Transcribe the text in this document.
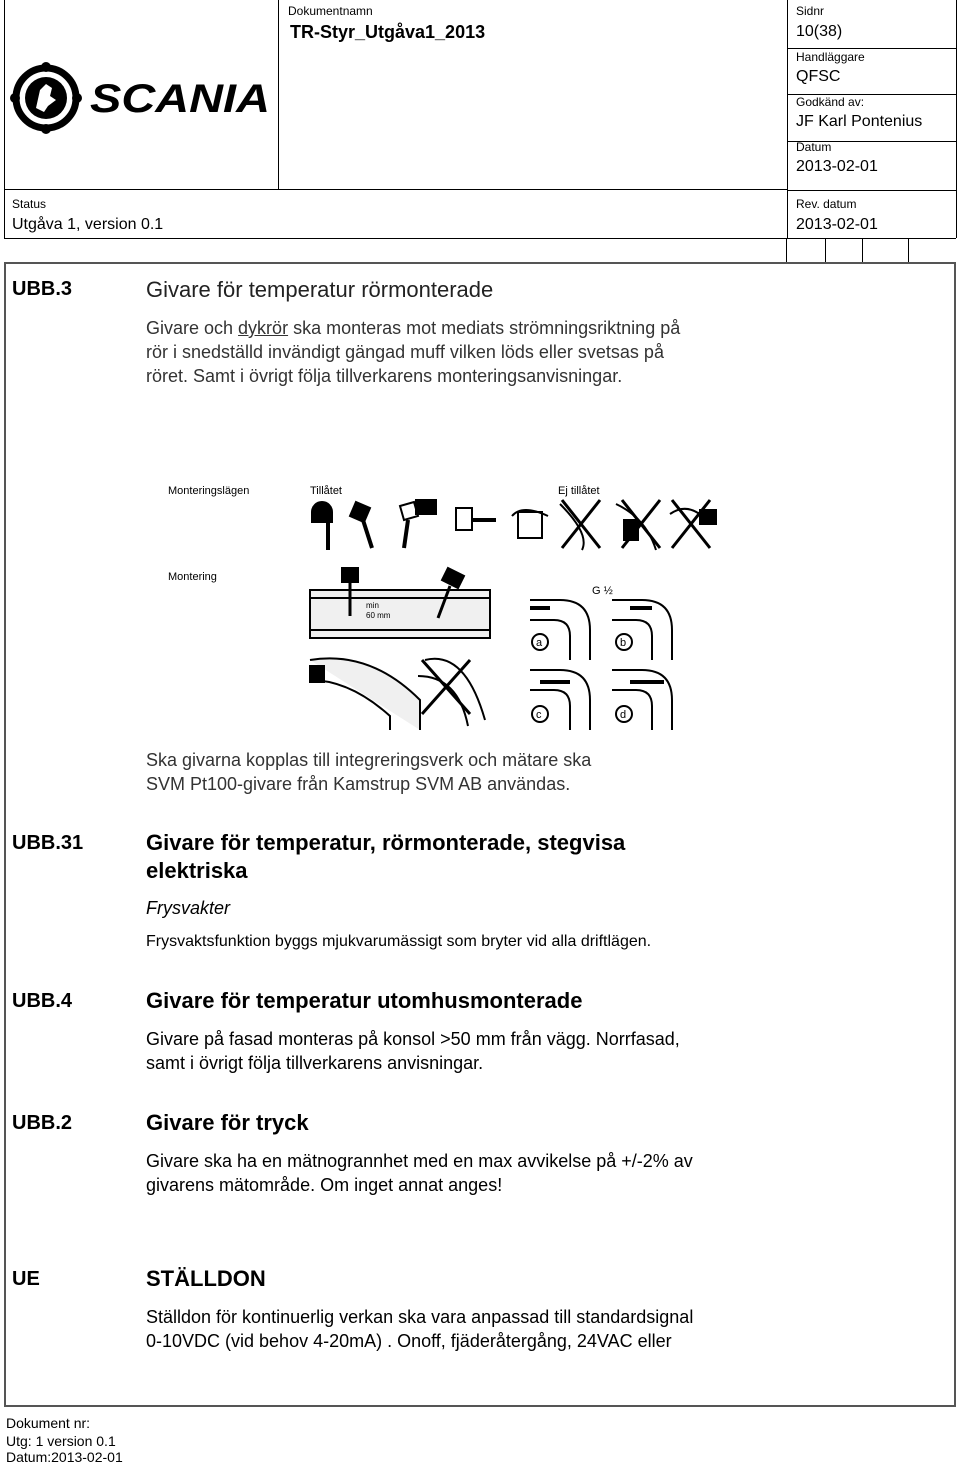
SCANIA
Dokumentnamn
TR-Styr_Utgåva1_2013
Sidnr
10(38)
Handläggare
QFSC
Godkänd av:
JF Karl Pontenius
Datum
2013-02-01
Status
Utgåva 1, version 0.1
Rev. datum
2013-02-01
UBB.3	Givare för temperatur rörmonterade
Givare och dykrör ska monteras mot mediats strömningsriktning på
rör i snedställd invändigt gängad muff vilken löds eller svetsas på
röret. Samt i övrigt följa tillverkarens monteringsanvisningar.
Monteringslägen	Tillåtet	Ej tillåtet
Montering
min
60 mm
G ½
a	b
c	d
Ska givarna kopplas till integreringsverk och mätare ska
SVM Pt100-givare från Kamstrup SVM AB användas.
UBB.31	Givare för temperatur, rörmonterade, stegvisa
elektriska
Frysvakter
Frysvaktsfunktion byggs mjukvarumässigt som bryter vid alla driftlägen.
UBB.4	Givare för temperatur utomhusmonterade
Givare på fasad monteras på konsol >50 mm från vägg. Norrfasad,
samt i övrigt följa tillverkarens anvisningar.
UBB.2	Givare för tryck
Givare ska ha en mätnogrannhet med en max avvikelse på +/-2% av
givarens mätområde. Om inget annat anges!
UE	STÄLLDON
Ställdon för kontinuerlig verkan ska vara anpassad till standardsignal
0-10VDC (vid behov 4-20mA) . Onoff, fjäderåtergång, 24VAC eller
Dokument nr:
Utg: 1 version 0.1
Datum:2013-02-01
